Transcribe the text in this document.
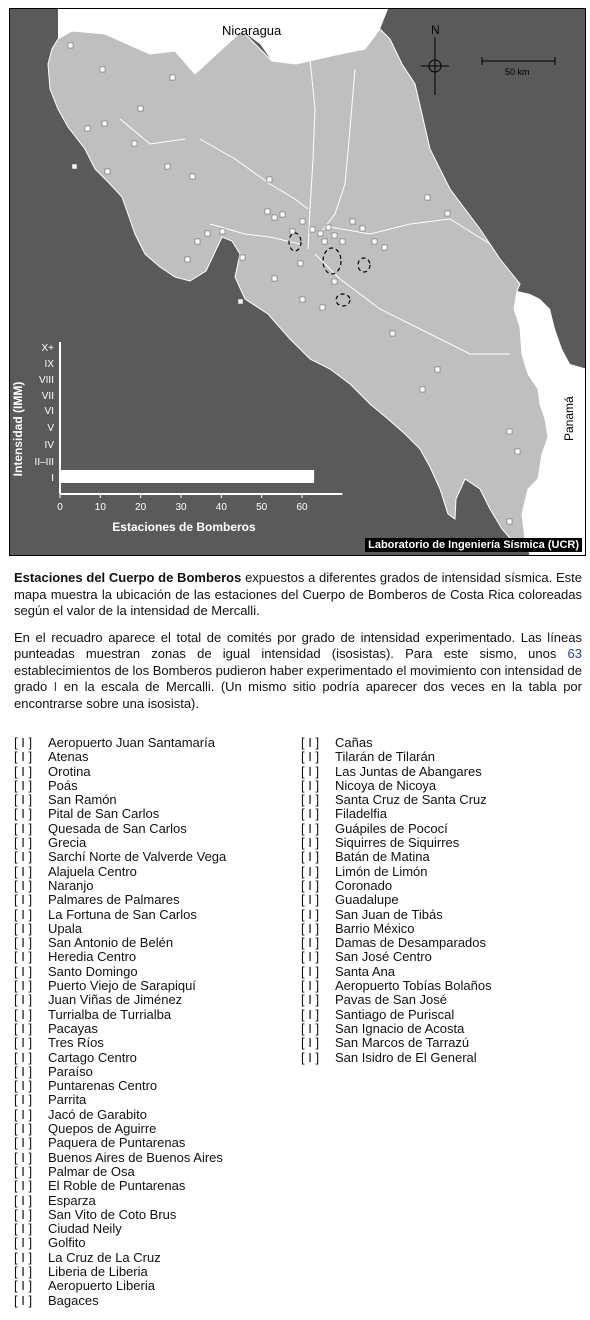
I
II–III
IV
V
VI
VII
VIII
IX
X+
0	10	20	30	40	50	60
N
50 km
Nicaragua
Panamá
Intensidad (IMM)
Estaciones de Bomberos
Laboratorio de Ingeniería Sísmica (UCR)

Estaciones del Cuerpo de Bomberos expuestos a diferentes grados de intensidad sísmica. Este mapa muestra la ubicación de las estaciones del Cuerpo de Bomberos de Costa Rica coloreadas según el valor de la intensidad de Mercalli.

En el recuadro aparece el total de comités por grado de intensidad experimentado. Las líneas punteadas muestran zonas de igual intensidad (isosistas). Para este sismo, unos 63 establecimientos de los Bomberos pudieron haber experimentado el movimiento con intensidad de grado I en la escala de Mercalli. (Un mismo sitio podría aparecer dos veces en la tabla por encontrarse sobre una isosista).

[ I ] Aeropuerto Juan Santamaría
[ I ] Atenas
[ I ] Orotina
[ I ] Poás
[ I ] San Ramón
[ I ] Pital de San Carlos
[ I ] Quesada de San Carlos
[ I ] Grecia
[ I ] Sarchí Norte de Valverde Vega
[ I ] Alajuela Centro
[ I ] Naranjo
[ I ] Palmares de Palmares
[ I ] La Fortuna de San Carlos
[ I ] Upala
[ I ] San Antonio de Belén
[ I ] Heredia Centro
[ I ] Santo Domingo
[ I ] Puerto Viejo de Sarapiquí
[ I ] Juan Viñas de Jiménez
[ I ] Turrialba de Turrialba
[ I ] Pacayas
[ I ] Tres Ríos
[ I ] Cartago Centro
[ I ] Paraíso
[ I ] Puntarenas Centro
[ I ] Parrita
[ I ] Jacó de Garabito
[ I ] Quepos de Aguirre
[ I ] Paquera de Puntarenas
[ I ] Buenos Aires de Buenos Aires
[ I ] Palmar de Osa
[ I ] El Roble de Puntarenas
[ I ] Esparza
[ I ] San Vito de Coto Brus
[ I ] Ciudad Neily
[ I ] Golfito
[ I ] La Cruz de La Cruz
[ I ] Liberia de Liberia
[ I ] Aeropuerto Liberia
[ I ] Bagaces
[ I ] Cañas
[ I ] Tilarán de Tilarán
[ I ] Las Juntas de Abangares
[ I ] Nicoya de Nicoya
[ I ] Santa Cruz de Santa Cruz
[ I ] Filadelfia
[ I ] Guápiles de Pococí
[ I ] Siquirres de Siquirres
[ I ] Batán de Matina
[ I ] Limón de Limón
[ I ] Coronado
[ I ] Guadalupe
[ I ] San Juan de Tibás
[ I ] Barrio México
[ I ] Damas de Desamparados
[ I ] San José Centro
[ I ] Santa Ana
[ I ] Aeropuerto Tobías Bolaños
[ I ] Pavas de San José
[ I ] Santiago de Puriscal
[ I ] San Ignacio de Acosta
[ I ] San Marcos de Tarrazú
[ I ] San Isidro de El General
